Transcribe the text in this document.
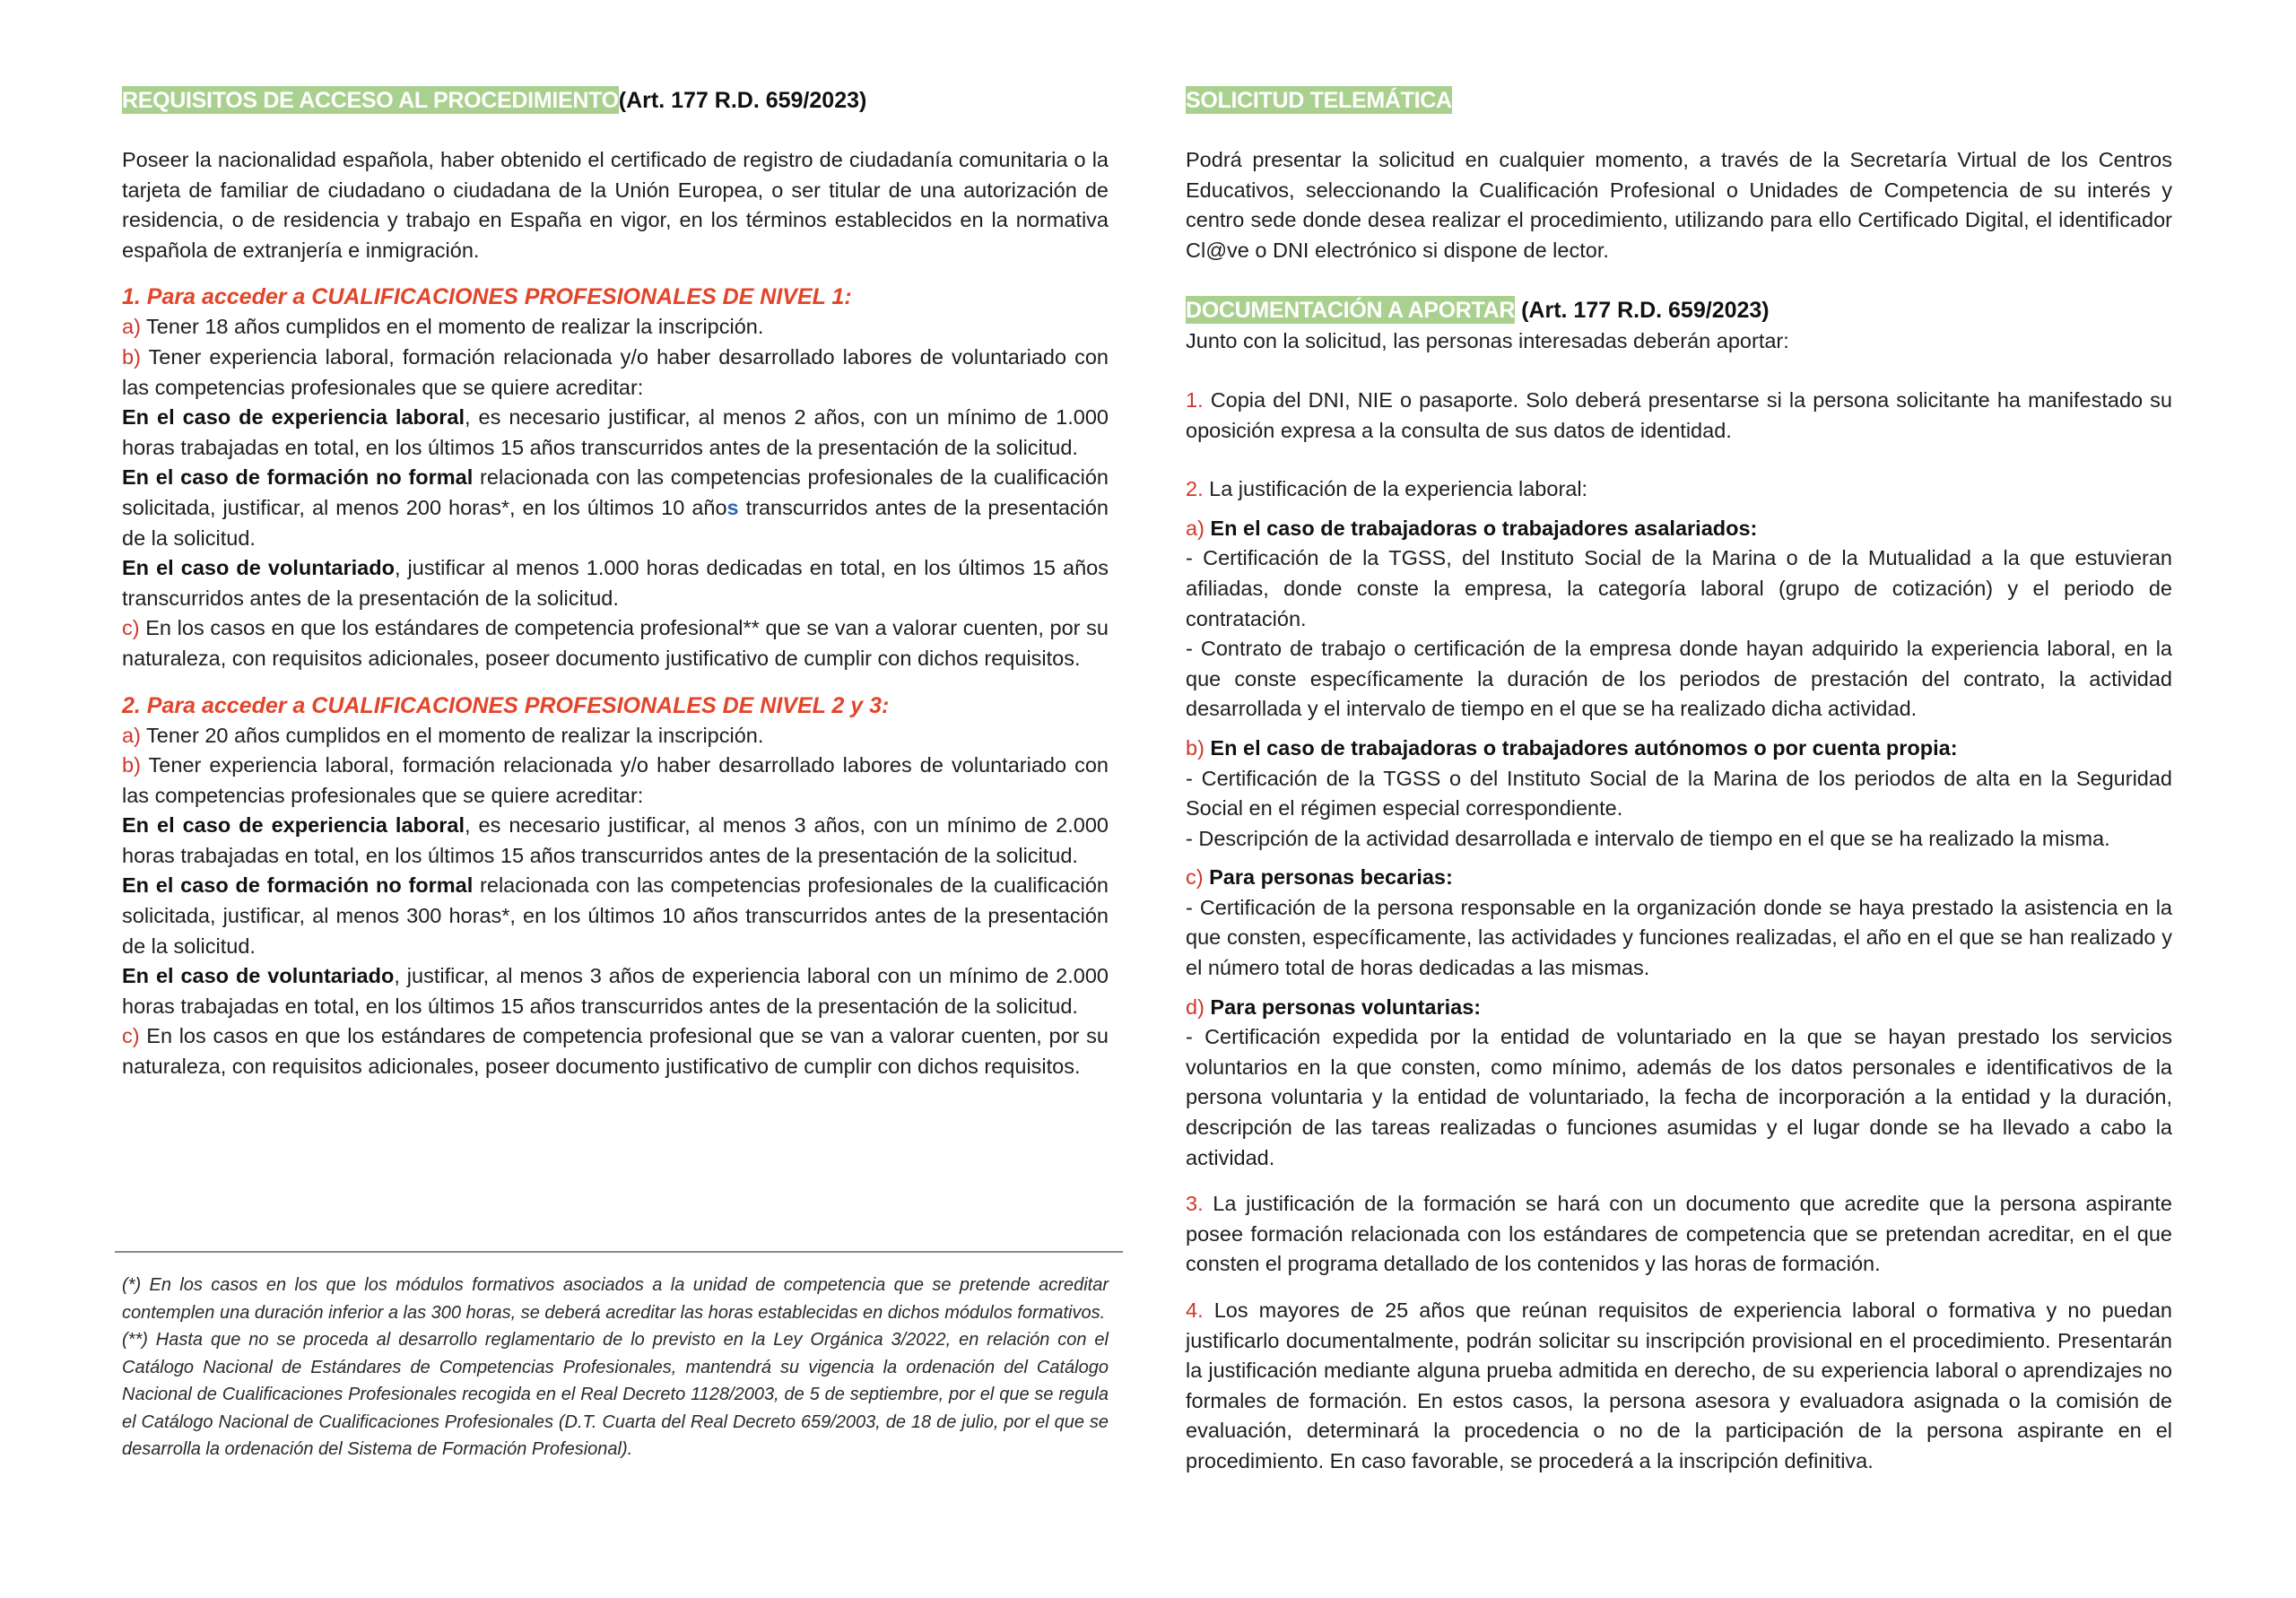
REQUISITOS DE ACCESO AL PROCEDIMIENTO(Art. 177 R.D. 659/2023)

Poseer la nacionalidad española, haber obtenido el certificado de registro de ciudadanía comunitaria o la tarjeta de familiar de ciudadano o ciudadana de la Unión Europea, o ser titular de una autorización de residencia, o de residencia y trabajo en España en vigor, en los términos establecidos en la normativa española de extranjería e inmigración.

1. Para acceder a CUALIFICACIONES PROFESIONALES DE NIVEL 1:

a) Tener 18 años cumplidos en el momento de realizar la inscripción.

b) Tener experiencia laboral, formación relacionada y/o haber desarrollado labores de voluntariado con las competencias profesionales que se quiere acreditar:

En el caso de experiencia laboral, es necesario justificar, al menos 2 años, con un mínimo de 1.000 horas trabajadas en total, en los últimos 15 años transcurridos antes de la presentación de la solicitud.

En el caso de formación no formal relacionada con las competencias profesionales de la cualificación solicitada, justificar, al menos 200 horas*, en los últimos 10 años transcurridos antes de la presentación de la solicitud.

En el caso de voluntariado, justificar al menos 1.000 horas dedicadas en total, en los últimos 15 años transcurridos antes de la presentación de la solicitud.

c) En los casos en que los estándares de competencia profesional** que se van a valorar cuenten, por su naturaleza, con requisitos adicionales, poseer documento justificativo de cumplir con dichos requisitos.

2. Para acceder a CUALIFICACIONES PROFESIONALES DE NIVEL 2 y 3:

a) Tener 20 años cumplidos en el momento de realizar la inscripción.

b) Tener experiencia laboral, formación relacionada y/o haber desarrollado labores de voluntariado con las competencias profesionales que se quiere acreditar:

En el caso de experiencia laboral, es necesario justificar, al menos 3 años, con un mínimo de 2.000 horas trabajadas en total, en los últimos 15 años transcurridos antes de la presentación de la solicitud.

En el caso de formación no formal relacionada con las competencias profesionales de la cualificación solicitada, justificar, al menos 300 horas*, en los últimos 10 años transcurridos antes de la presentación de la solicitud.

En el caso de voluntariado, justificar, al menos 3 años de experiencia laboral con un mínimo de 2.000 horas trabajadas en total, en los últimos 15 años transcurridos antes de la presentación de la solicitud.

c) En los casos en que los estándares de competencia profesional que se van a valorar cuenten, por su naturaleza, con requisitos adicionales, poseer documento justificativo de cumplir con dichos requisitos.

(*) En los casos en los que los módulos formativos asociados a la unidad de competencia que se pretende acreditar contemplen una duración inferior a las 300 horas, se deberá acreditar las horas establecidas en dichos módulos formativos.

(**) Hasta que no se proceda al desarrollo reglamentario de lo previsto en la Ley Orgánica 3/2022, en relación con el Catálogo Nacional de Estándares de Competencias Profesionales, mantendrá su vigencia la ordenación del Catálogo Nacional de Cualificaciones Profesionales recogida en el Real Decreto 1128/2003, de 5 de septiembre, por el que se regula el Catálogo Nacional de Cualificaciones Profesionales (D.T. Cuarta del Real Decreto 659/2003, de 18 de julio, por el que se desarrolla la ordenación del Sistema de Formación Profesional).

SOLICITUD TELEMÁTICA

Podrá presentar la solicitud en cualquier momento, a través de la Secretaría Virtual de los Centros Educativos, seleccionando la Cualificación Profesional o Unidades de Competencia de su interés y centro sede donde desea realizar el procedimiento, utilizando para ello Certificado Digital, el identificador Cl@ve o DNI electrónico si dispone de lector.

DOCUMENTACIÓN A APORTAR (Art. 177 R.D. 659/2023)

Junto con la solicitud, las personas interesadas deberán aportar:

1. Copia del DNI, NIE o pasaporte. Solo deberá presentarse si la persona solicitante ha manifestado su oposición expresa a la consulta de sus datos de identidad.

2. La justificación de la experiencia laboral:

a) En el caso de trabajadoras o trabajadores asalariados:

- Certificación de la TGSS, del Instituto Social de la Marina o de la Mutualidad a la que estuvieran afiliadas, donde conste la empresa, la categoría laboral (grupo de cotización) y el periodo de contratación.

- Contrato de trabajo o certificación de la empresa donde hayan adquirido la experiencia laboral, en la que conste específicamente la duración de los periodos de prestación del contrato, la actividad desarrollada y el intervalo de tiempo en el que se ha realizado dicha actividad.

b) En el caso de trabajadoras o trabajadores autónomos o por cuenta propia:

- Certificación de la TGSS o del Instituto Social de la Marina de los periodos de alta en la Seguridad Social en el régimen especial correspondiente.

- Descripción de la actividad desarrollada e intervalo de tiempo en el que se ha realizado la misma.

c) Para personas becarias:

- Certificación de la persona responsable en la organización donde se haya prestado la asistencia en la que consten, específicamente, las actividades y funciones realizadas, el año en el que se han realizado y el número total de horas dedicadas a las mismas.

d) Para personas voluntarias:

- Certificación expedida por la entidad de voluntariado en la que se hayan prestado los servicios voluntarios en la que consten, como mínimo, además de los datos personales e identificativos de la persona voluntaria y la entidad de voluntariado, la fecha de incorporación a la entidad y la duración, descripción de las tareas realizadas o funciones asumidas y el lugar donde se ha llevado a cabo la actividad.

3. La justificación de la formación se hará con un documento que acredite que la persona aspirante posee formación relacionada con los estándares de competencia que se pretendan acreditar, en el que consten el programa detallado de los contenidos y las horas de formación.

4. Los mayores de 25 años que reúnan requisitos de experiencia laboral o formativa y no puedan justificarlo documentalmente, podrán solicitar su inscripción provisional en el procedimiento. Presentarán la justificación mediante alguna prueba admitida en derecho, de su experiencia laboral o aprendizajes no formales de formación. En estos casos, la persona asesora y evaluadora asignada o la comisión de evaluación, determinará la procedencia o no de la participación de la persona aspirante en el procedimiento. En caso favorable, se procederá a la inscripción definitiva.
